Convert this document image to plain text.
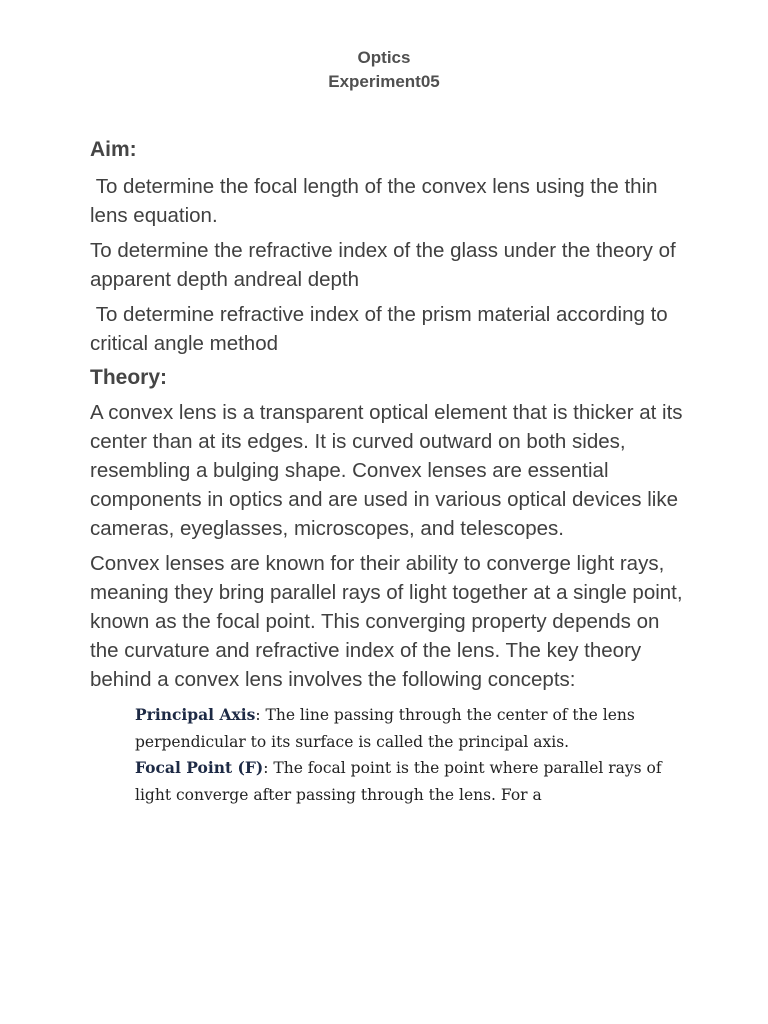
Optics
Experiment05
Aim:

To determine the focal length of the convex lens using the thin lens equation.

To determine the refractive index of the glass under the theory of apparent depth andreal depth

To determine refractive index of the prism material according to critical angle method

Theory:

A convex lens is a transparent optical element that is thicker at its center than at its edges. It is curved outward on both sides, resembling a bulging shape. Convex lenses are essential components in optics and are used in various optical devices like cameras, eyeglasses, microscopes, and telescopes.

Convex lenses are known for their ability to converge light rays, meaning they bring parallel rays of light together at a single point, known as the focal point. This converging property depends on the curvature and refractive index of the lens. The key theory behind a convex lens involves the following concepts:

Principal Axis: The line passing through the center of the lens perpendicular to its surface is called the principal axis.
Focal Point (F): The focal point is the point where parallel rays of light converge after passing through the lens. For a
